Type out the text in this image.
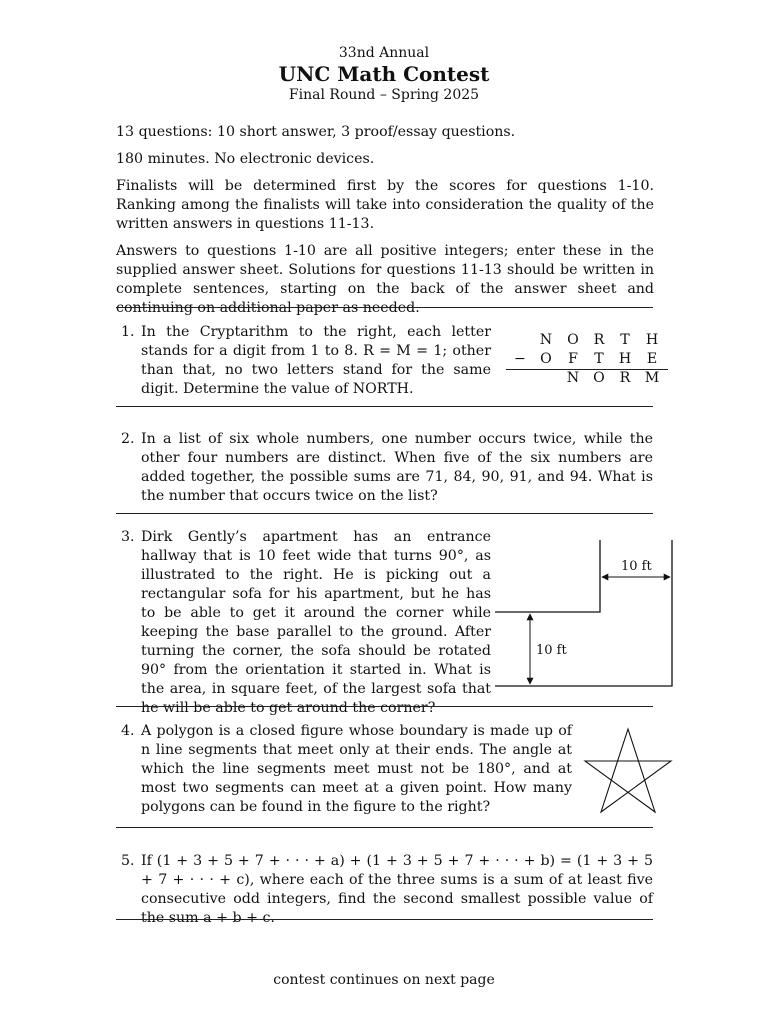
33nd Annual
UNC Math Contest
Final Round – Spring 2025

13 questions: 10 short answer, 3 proof/essay questions.

180 minutes. No electronic devices.

Finalists will be determined first by the scores for questions 1-10. Ranking among the finalists will take into consideration the quality of the written answers in questions 11-13.

Answers to questions 1-10 are all positive integers; enter these in the supplied answer sheet. Solutions for questions 11-13 should be written in complete sentences, starting on the back of the answer sheet and continuing on additional paper as needed.

1. In the Cryptarithm to the right, each letter stands for a digit from 1 to 8. R = M = 1; other than that, no two letters stand for the same digit. Determine the value of NORTH.
N O R T H
− O F T H E
N O R M
2. In a list of six whole numbers, one number occurs twice, while the other four numbers are distinct. When five of the six numbers are added together, the possible sums are 71, 84, 90, 91, and 94. What is the number that occurs twice on the list?
3. Dirk Gently’s apartment has an entrance hallway that is 10 feet wide that turns 90°, as illustrated to the right. He is picking out a rectangular sofa for his apartment, but he has to be able to get it around the corner while keeping the base parallel to the ground. After turning the corner, the sofa should be rotated 90° from the orientation it started in. What is the area, in square feet, of the largest sofa that he will be able to get around the corner?
10 ft
10 ft
4. A polygon is a closed figure whose boundary is made up of n line segments that meet only at their ends. The angle at which the line segments meet must not be 180°, and at most two segments can meet at a given point. How many polygons can be found in the figure to the right?
5. If (1 + 3 + 5 + 7 + · · · + a) + (1 + 3 + 5 + 7 + · · · + b) = (1 + 3 + 5 + 7 + · · · + c), where each of the three sums is a sum of at least five consecutive odd integers, find the second smallest possible value of the sum a + b + c.
contest continues on next page
